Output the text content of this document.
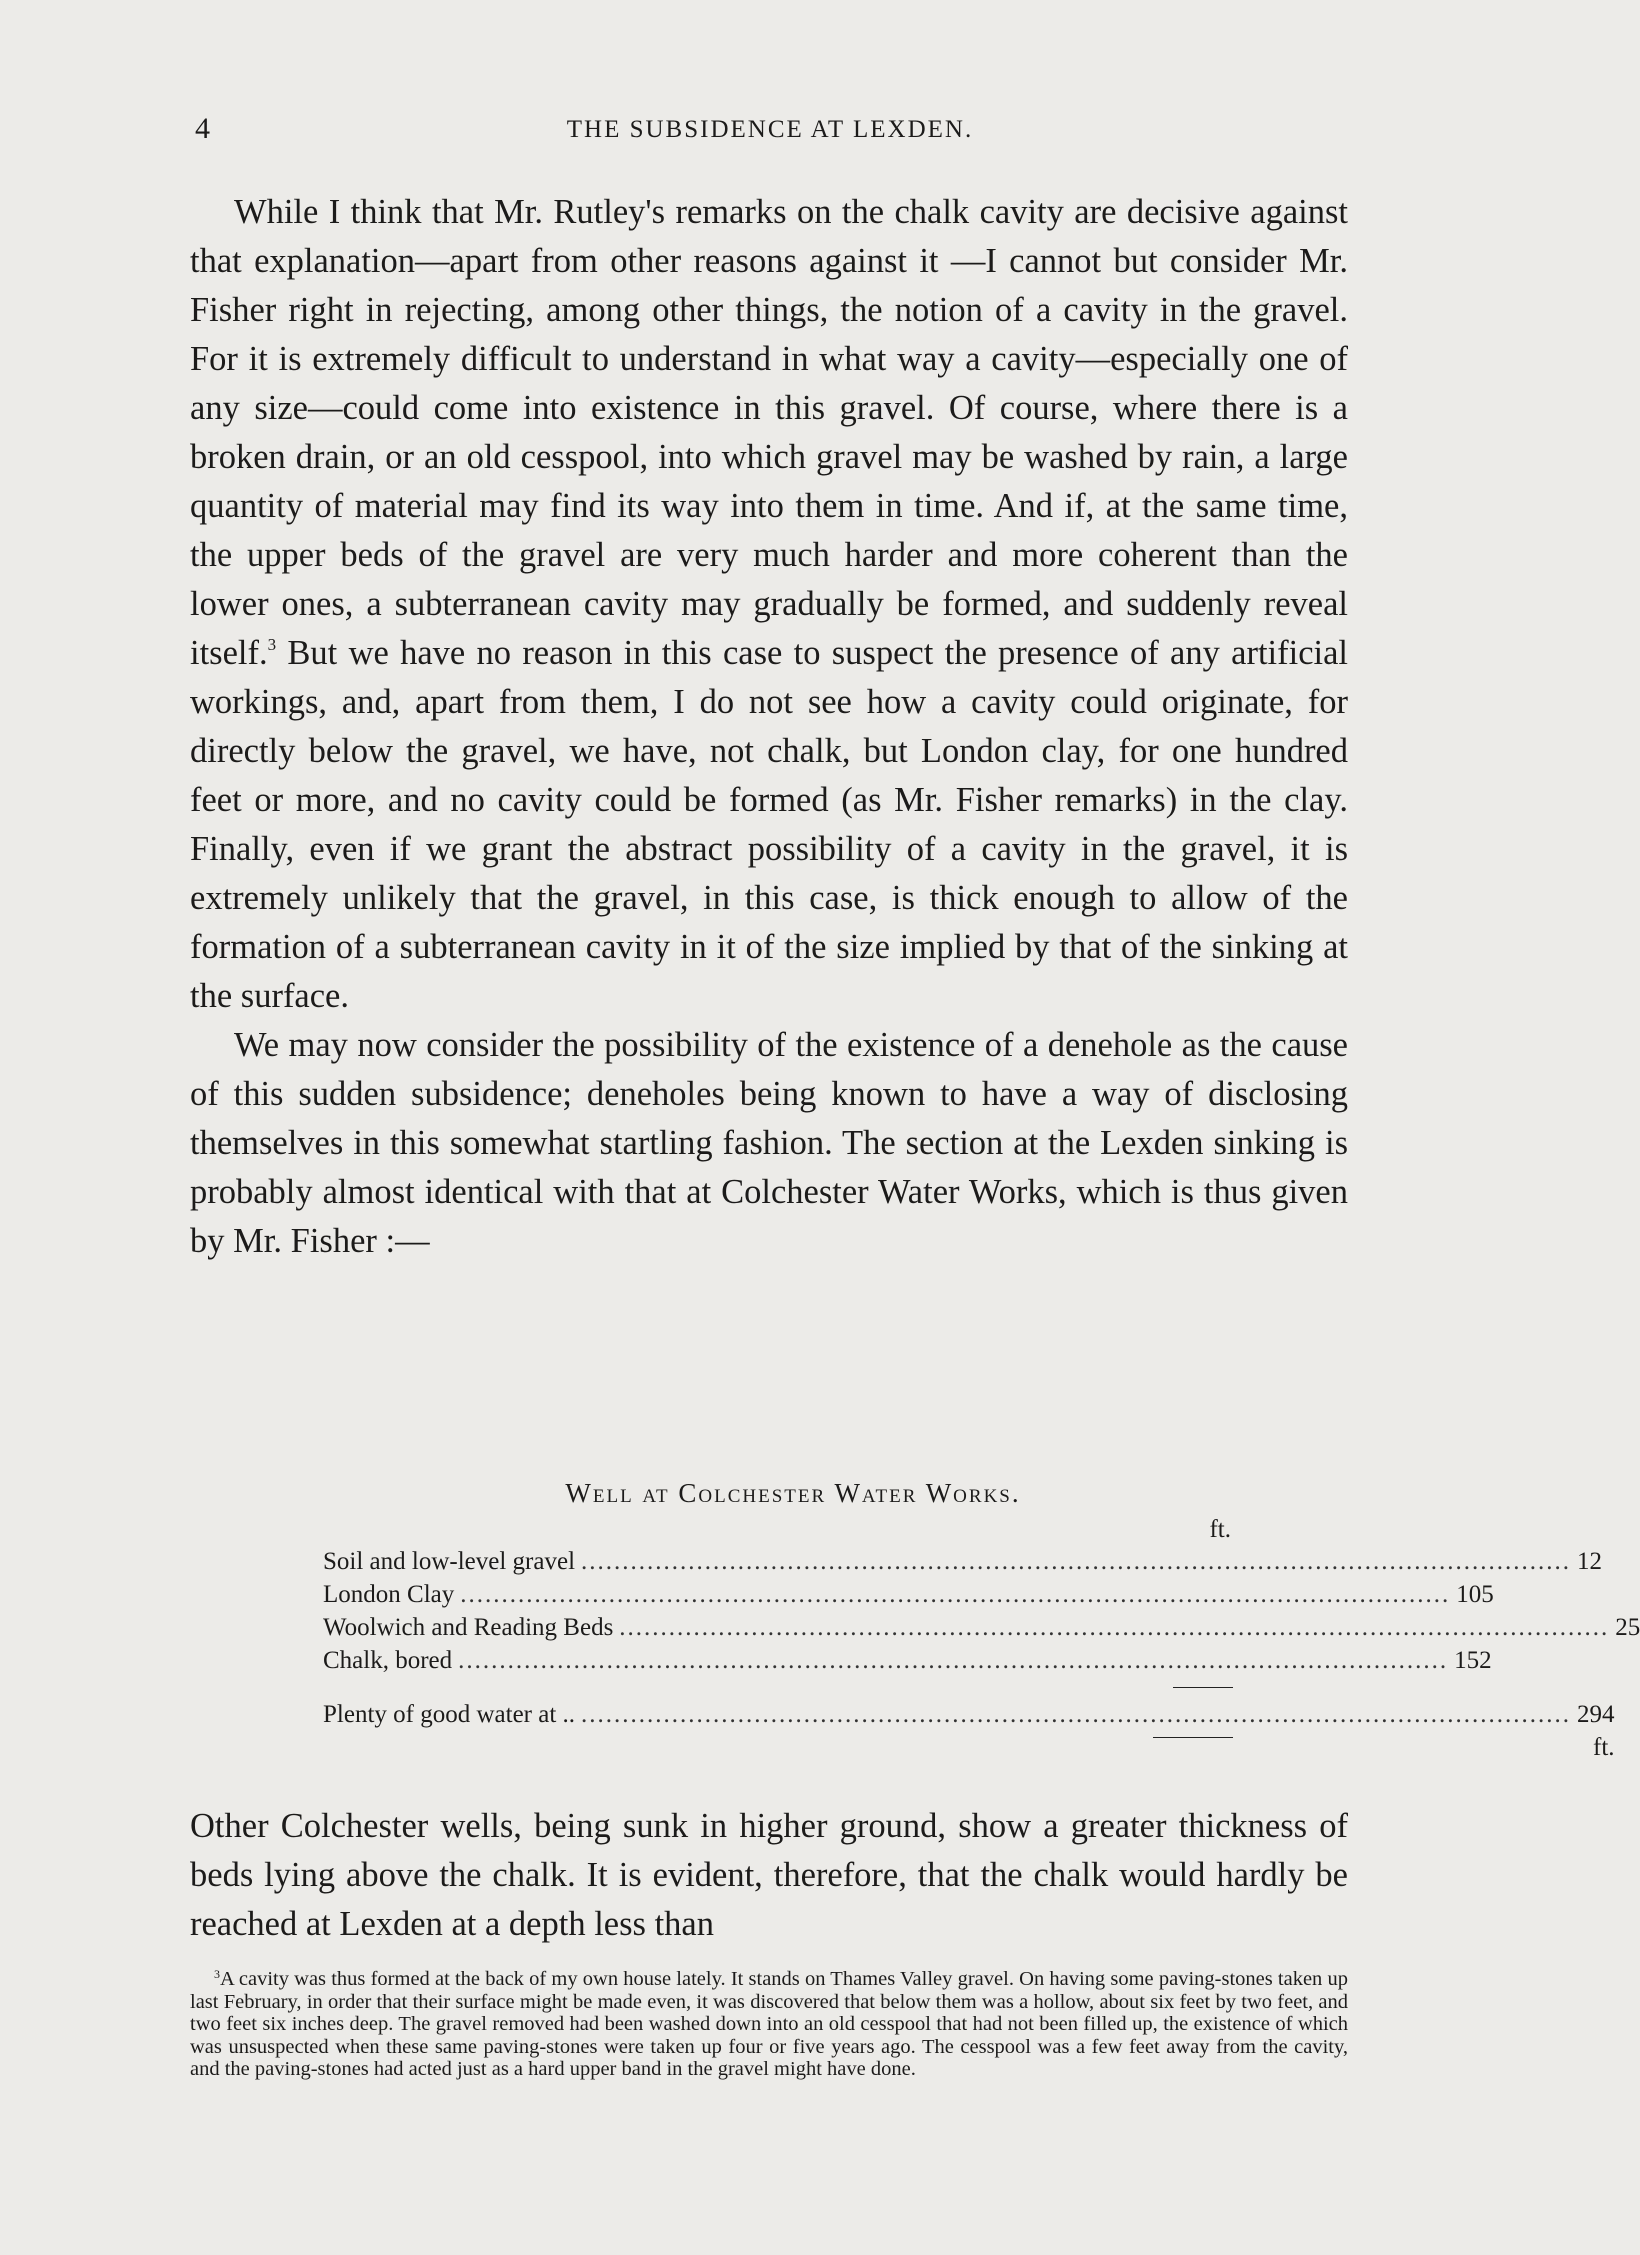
4	THE SUBSIDENCE AT LEXDEN.

While I think that Mr. Rutley's remarks on the chalk cavity are decisive against that explanation—apart from other reasons against it —I cannot but consider Mr. Fisher right in rejecting, among other things, the notion of a cavity in the gravel. For it is extremely difficult to understand in what way a cavity—especially one of any size—could come into existence in this gravel. Of course, where there is a broken drain, or an old cesspool, into which gravel may be washed by rain, a large quantity of material may find its way into them in time. And if, at the same time, the upper beds of the gravel are very much harder and more coherent than the lower ones, a subterranean cavity may gradually be formed, and suddenly reveal itself.$^3$ But we have no reason in this case to suspect the presence of any artificial workings, and, apart from them, I do not see how a cavity could originate, for directly below the gravel, we have, not chalk, but London clay, for one hundred feet or more, and no cavity could be formed (as Mr. Fisher remarks) in the clay. Finally, even if we grant the abstract possibility of a cavity in the gravel, it is extremely unlikely that the gravel, in this case, is thick enough to allow of the formation of a subterranean cavity in it of the size implied by that of the sinking at the surface.

We may now consider the possibility of the existence of a denehole as the cause of this sudden subsidence; deneholes being known to have a way of disclosing themselves in this somewhat startling fashion. The section at the Lexden sinking is probably almost identical with that at Colchester Water Works, which is thus given by Mr. Fisher :—

Well at Colchester Water Works.
ft.
Soil and low-level gravel ........................................................................................................................ 12
London Clay ........................................................................................................................ 105
Woolwich and Reading Beds ........................................................................................................................ 25
Chalk, bored ........................................................................................................................ 152
Plenty of good water at .. ........................................................................................................................ 294 ft.

Other Colchester wells, being sunk in higher ground, show a greater thickness of beds lying above the chalk. It is evident, therefore, that the chalk would hardly be reached at Lexden at a depth less than

$^3$A cavity was thus formed at the back of my own house lately. It stands on Thames Valley gravel. On having some paving-stones taken up last February, in order that their surface might be made even, it was discovered that below them was a hollow, about six feet by two feet, and two feet six inches deep. The gravel removed had been washed down into an old cesspool that had not been filled up, the existence of which was unsuspected when these same paving-stones were taken up four or five years ago. The cesspool was a few feet away from the cavity, and the paving-stones had acted just as a hard upper band in the gravel might have done.
